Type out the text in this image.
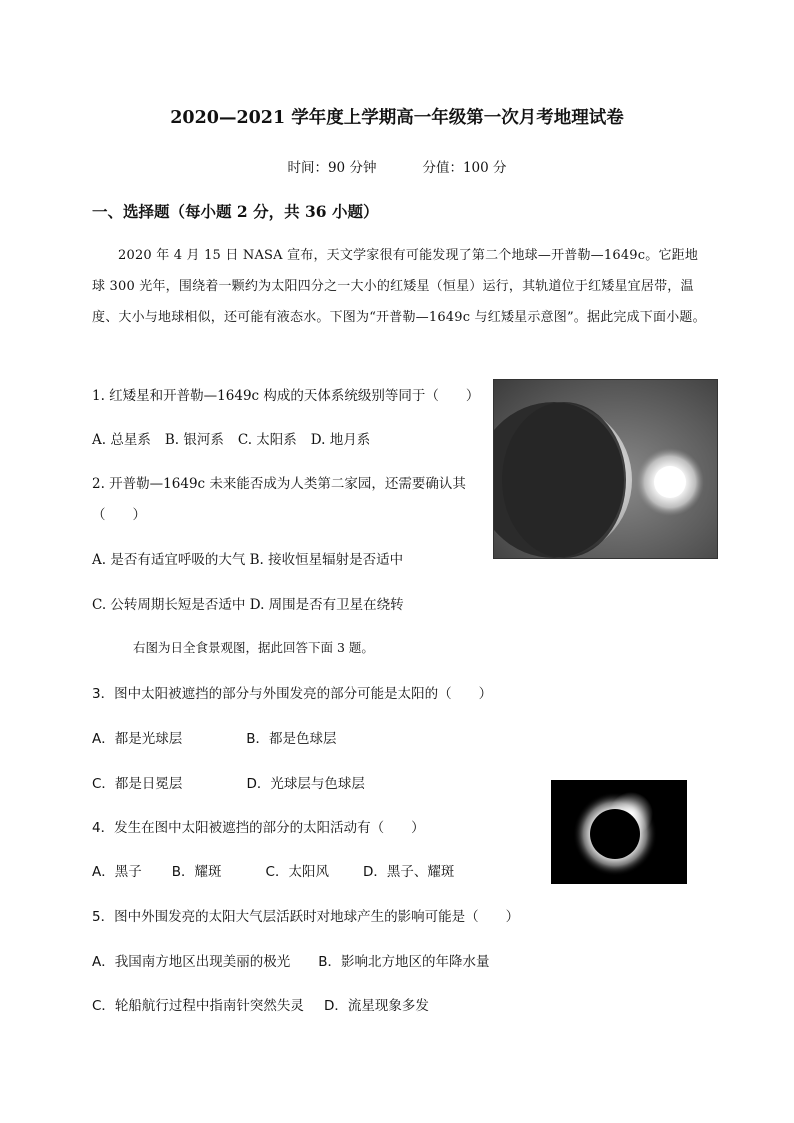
2020—2021 学年度上学期高一年级第一次月考地理试卷
时间：90 分钟	分值：100 分
一、选择题（每小题 2 分，共 36 小题）
2020 年 4 月 15 日 NASA 宣布，天文学家很有可能发现了第二个地球—开普勒—1649c。它距地球 300 光年，围绕着一颗约为太阳四分之一大小的红矮星（恒星）运行，其轨道位于红矮星宜居带，温度、大小与地球相似，还可能有液态水。下图为“开普勒—1649c 与红矮星示意图”。据此完成下面小题。
1. 红矮星和开普勒—1649c 构成的天体系统级别等同于（　　）
A. 总星系 B. 银河系 C. 太阳系 D. 地月系
2. 开普勒—1649c 未来能否成为人类第二家园，还需要确认其
（　　）
A. 是否有适宜呼吸的大气 B. 接收恒星辐射是否适中
C. 公转周期长短是否适中 D. 周围是否有卫星在绕转
右图为日全食景观图，据此回答下面 3 题。
3．图中太阳被遮挡的部分与外围发亮的部分可能是太阳的（　　）
A．都是光球层	B．都是色球层
C．都是日冕层	D．光球层与色球层
4．发生在图中太阳被遮挡的部分的太阳活动有（　　）
A．黑子 B．耀斑	C．太阳风	D．黑子、耀斑
5．图中外围发亮的太阳大气层活跃时对地球产生的影响可能是（　　）
A．我国南方地区出现美丽的极光 B．影响北方地区的年降水量
C．轮船航行过程中指南针突然失灵 D．流星现象多发
